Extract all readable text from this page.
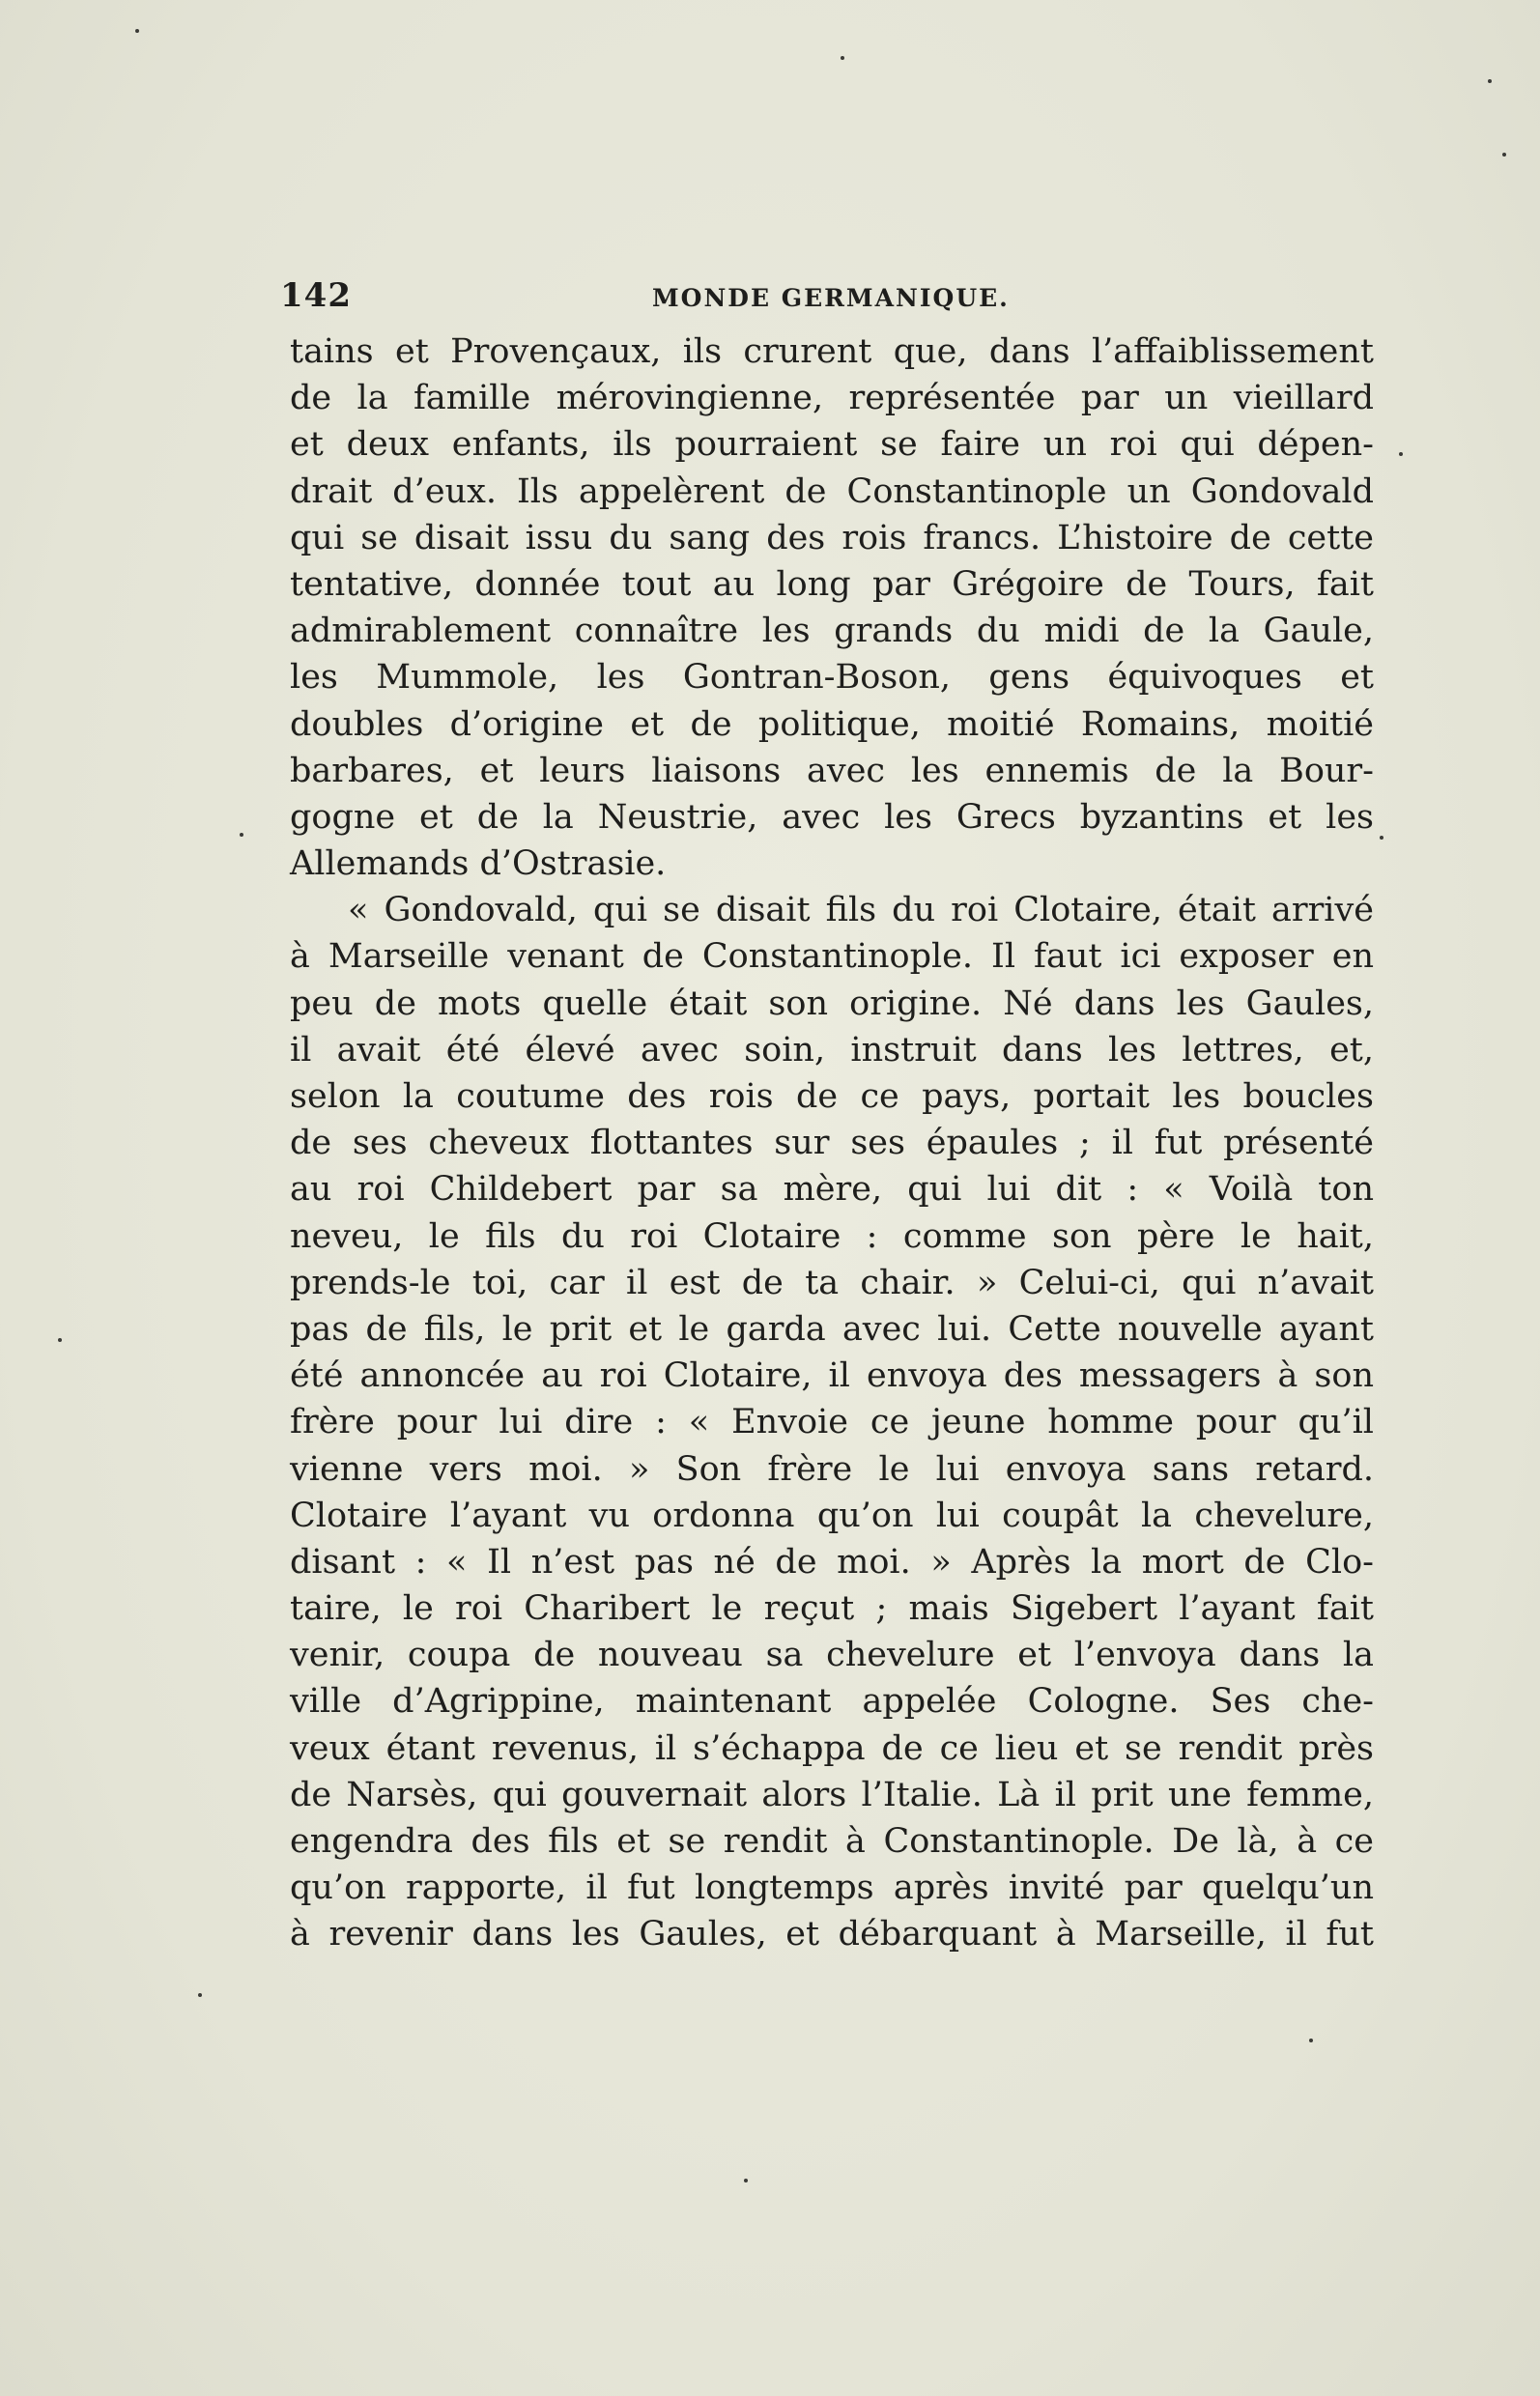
142	MONDE GERMANIQUE.
tains et Provençaux, ils crurent que, dans l’affaiblissement
de la famille mérovingienne, représentée par un vieillard
et deux enfants, ils pourraient se faire un roi qui dépen-
drait d’eux. Ils appelèrent de Constantinople un Gondovald
qui se disait issu du sang des rois francs. L’histoire de cette
tentative, donnée tout au long par Grégoire de Tours, fait
admirablement connaître les grands du midi de la Gaule,
les Mummole, les Gontran-Boson, gens équivoques et
doubles d’origine et de politique, moitié Romains, moitié
barbares, et leurs liaisons avec les ennemis de la Bour-
gogne et de la Neustrie, avec les Grecs byzantins et les
Allemands d’Ostrasie.
« Gondovald, qui se disait fils du roi Clotaire, était arrivé
à Marseille venant de Constantinople. Il faut ici exposer en
peu de mots quelle était son origine. Né dans les Gaules,
il avait été élevé avec soin, instruit dans les lettres, et,
selon la coutume des rois de ce pays, portait les boucles
de ses cheveux flottantes sur ses épaules ; il fut présenté
au roi Childebert par sa mère, qui lui dit : « Voilà ton
neveu, le fils du roi Clotaire : comme son père le hait,
prends-le toi, car il est de ta chair. » Celui-ci, qui n’avait
pas de fils, le prit et le garda avec lui. Cette nouvelle ayant
été annoncée au roi Clotaire, il envoya des messagers à son
frère pour lui dire : « Envoie ce jeune homme pour qu’il
vienne vers moi. » Son frère le lui envoya sans retard.
Clotaire l’ayant vu ordonna qu’on lui coupât la chevelure,
disant : « Il n’est pas né de moi. » Après la mort de Clo-
taire, le roi Charibert le reçut ; mais Sigebert l’ayant fait
venir, coupa de nouveau sa chevelure et l’envoya dans la
ville d’Agrippine, maintenant appelée Cologne. Ses che-
veux étant revenus, il s’échappa de ce lieu et se rendit près
de Narsès, qui gouvernait alors l’Italie. Là il prit une femme,
engendra des fils et se rendit à Constantinople. De là, à ce
qu’on rapporte, il fut longtemps après invité par quelqu’un
à revenir dans les Gaules, et débarquant à Marseille, il fut
